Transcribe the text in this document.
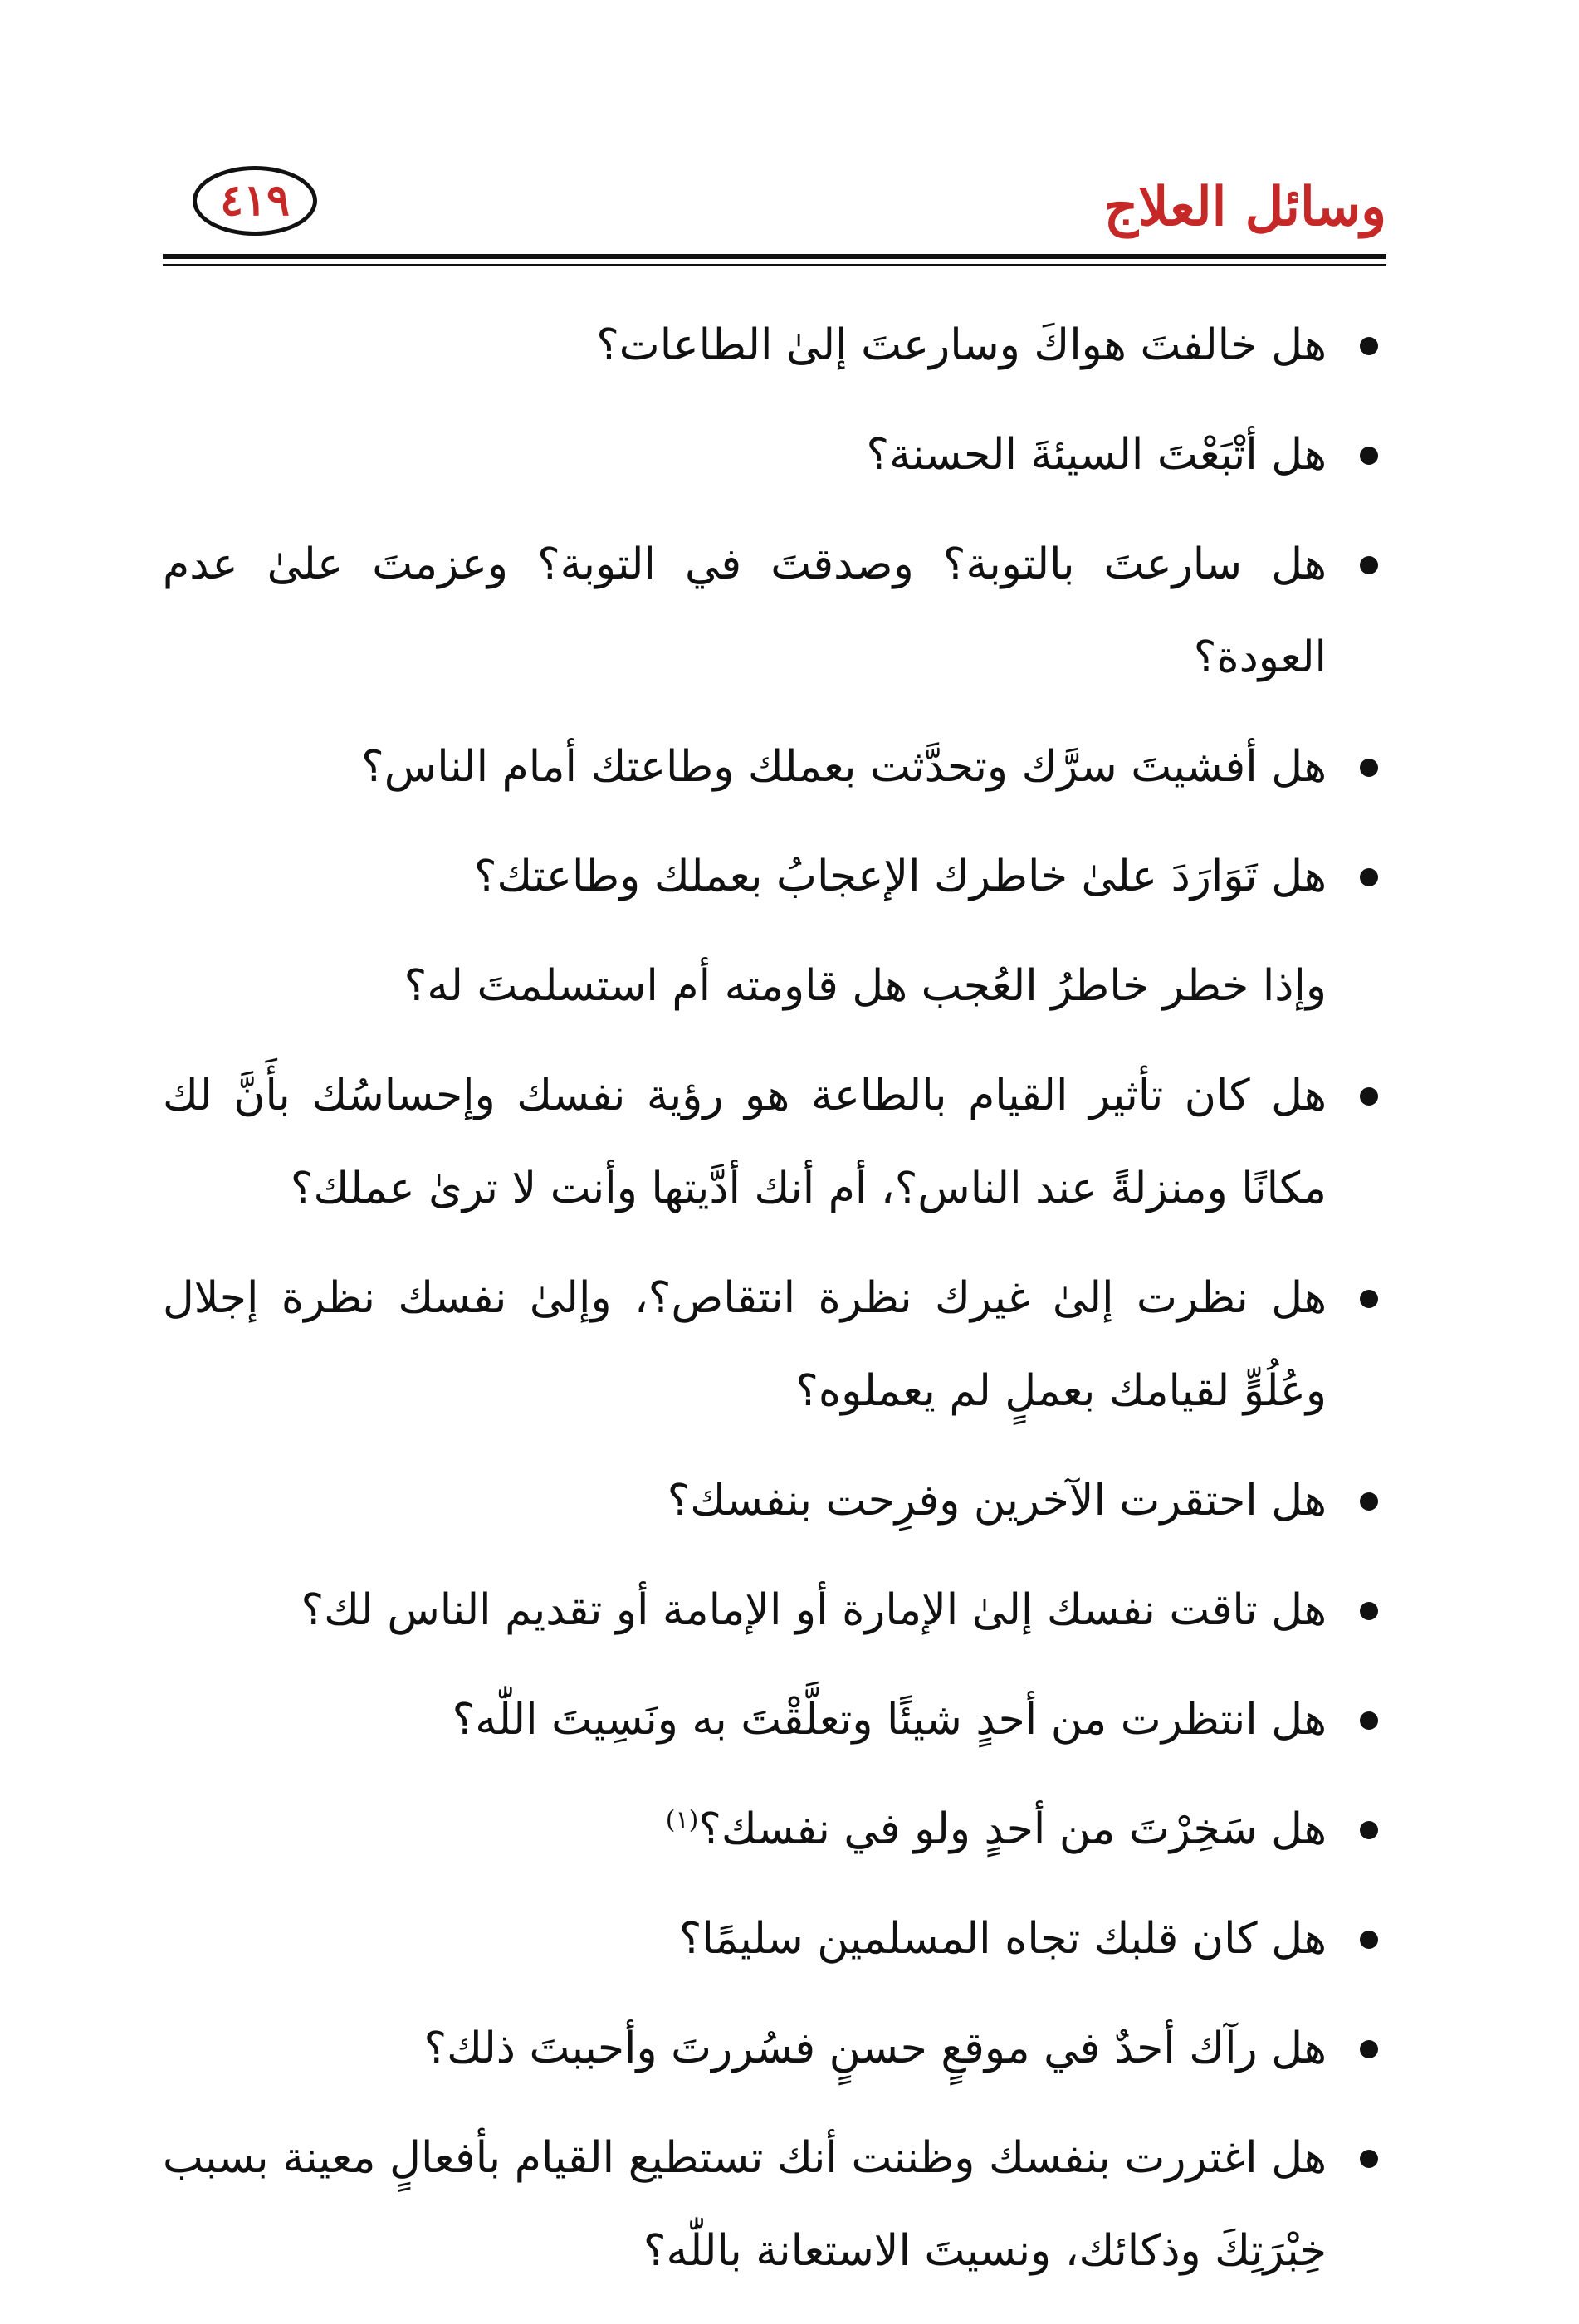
وسائل العلاج
٤١٩
هل خالفتَ هواكَ وسارعتَ إلىٰ الطاعات؟
هل أتْبَعْتَ السيئةَ الحسنة؟
هل سارعتَ بالتوبة؟ وصدقتَ في التوبة؟ وعزمتَ علىٰ عدم العودة؟
هل أفشيتَ سرَّك وتحدَّثت بعملك وطاعتك أمام الناس؟
هل تَوَارَدَ علىٰ خاطرك الإعجابُ بعملك وطاعتك؟
وإذا خطر خاطرُ العُجب هل قاومته أم استسلمتَ له؟
هل كان تأثير القيام بالطاعة هو رؤية نفسك وإحساسُك بأَنَّ لك مكانًا ومنزلةً عند الناس؟، أم أنك أدَّيتها وأنت لا ترىٰ عملك؟
هل نظرت إلىٰ غيرك نظرة انتقاص؟، وإلىٰ نفسك نظرة إجلال وعُلُوٍّ لقيامك بعملٍ لم يعملوه؟
هل احتقرت الآخرين وفرِحت بنفسك؟
هل تاقت نفسك إلىٰ الإمارة أو الإمامة أو تقديم الناس لك؟
هل انتظرت من أحدٍ شيئًا وتعلَّقْتَ به ونَسِيتَ اللّٰه؟
هل سَخِرْتَ من أحدٍ ولو في نفسك؟$^{(١)}$
هل كان قلبك تجاه المسلمين سليمًا؟
هل رآك أحدٌ في موقعٍ حسنٍ فسُررتَ وأحببتَ ذلك؟
هل اغتررت بنفسك وظننت أنك تستطيع القيام بأفعالٍ معينة بسبب خِبْرَتِكَ وذكائك، ونسيتَ الاستعانة باللّٰه؟
